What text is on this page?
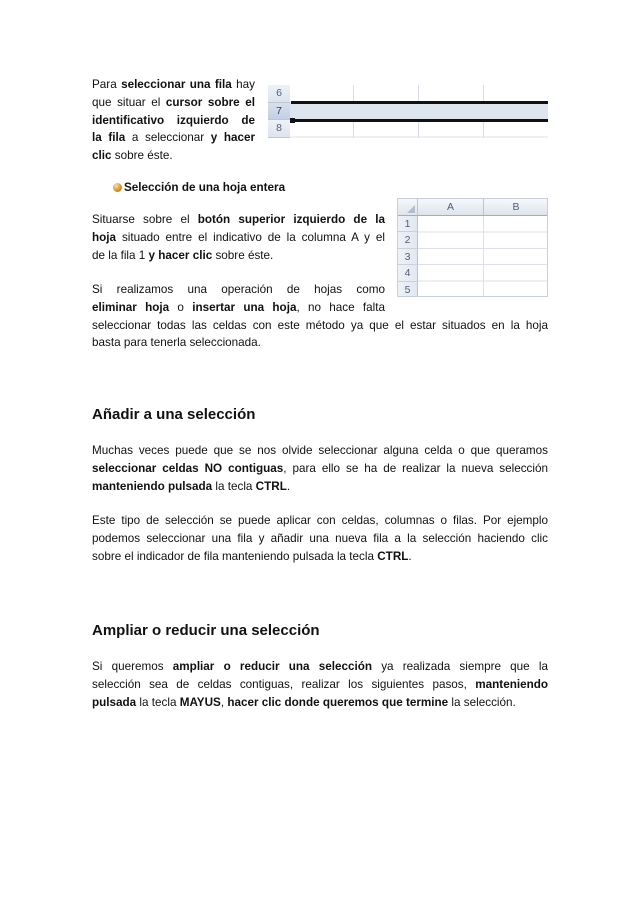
Para seleccionar una fila hay
que situar el cursor sobre el
identificativo izquierdo de
la fila a seleccionar y hacer
clic sobre éste.
6
7
8
Selección de una hoja entera
Situarse sobre el botón superior izquierdo de la
hoja situado entre el indicativo de la columna A y el
de la fila 1 y hacer clic sobre éste.
Si realizamos una operación de hojas como
eliminar hoja o insertar una hoja, no hace falta
seleccionar todas las celdas con este método ya que el estar situados en la hoja
basta para tenerla seleccionada.
A	B
1
2
3
4
5
Añadir a una selección
Muchas veces puede que se nos olvide seleccionar alguna celda o que queramos
seleccionar celdas NO contiguas, para ello se ha de realizar la nueva selección
manteniendo pulsada la tecla CTRL.
Este tipo de selección se puede aplicar con celdas, columnas o filas. Por ejemplo
podemos seleccionar una fila y añadir una nueva fila a la selección haciendo clic
sobre el indicador de fila manteniendo pulsada la tecla CTRL.
Ampliar o reducir una selección
Si queremos ampliar o reducir una selección ya realizada siempre que la
selección sea de celdas contiguas, realizar los siguientes pasos, manteniendo
pulsada la tecla MAYUS, hacer clic donde queremos que termine la selección.
